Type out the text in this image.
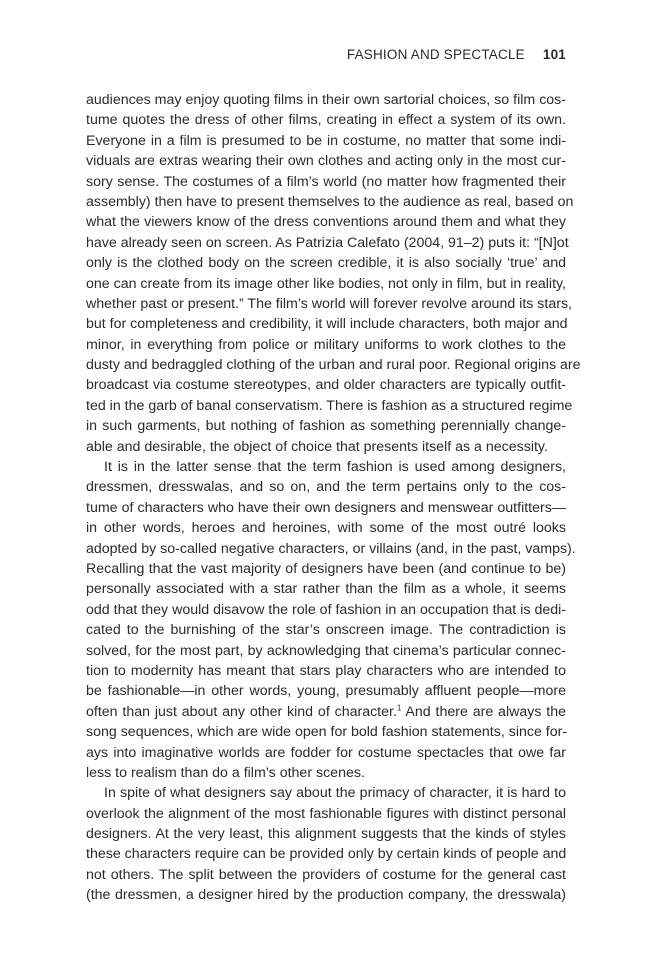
FASHION AND SPECTACLE 101
audiences may enjoy quoting films in their own sartorial choices, so film cos-
tume quotes the dress of other films, creating in effect a system of its own.
Everyone in a film is presumed to be in costume, no matter that some indi-
viduals are extras wearing their own clothes and acting only in the most cur-
sory sense. The costumes of a film’s world (no matter how fragmented their
assembly) then have to present themselves to the audience as real, based on
what the viewers know of the dress conventions around them and what they
have already seen on screen. As Patrizia Calefato (2004, 91–2) puts it: “[N]ot
only is the clothed body on the screen credible, it is also socially ‘true’ and
one can create from its image other like bodies, not only in film, but in reality,
whether past or present.” The film’s world will forever revolve around its stars,
but for completeness and credibility, it will include characters, both major and
minor, in everything from police or military uniforms to work clothes to the
dusty and bedraggled clothing of the urban and rural poor. Regional origins are
broadcast via costume stereotypes, and older characters are typically outfit-
ted in the garb of banal conservatism. There is fashion as a structured regime
in such garments, but nothing of fashion as something perennially change-
able and desirable, the object of choice that presents itself as a necessity.
It is in the latter sense that the term fashion is used among designers,
dressmen, dresswalas, and so on, and the term pertains only to the cos-
tume of characters who have their own designers and menswear outfitters—
in other words, heroes and heroines, with some of the most outré looks
adopted by so-called negative characters, or villains (and, in the past, vamps).
Recalling that the vast majority of designers have been (and continue to be)
personally associated with a star rather than the film as a whole, it seems
odd that they would disavow the role of fashion in an occupation that is dedi-
cated to the burnishing of the star’s onscreen image. The contradiction is
solved, for the most part, by acknowledging that cinema’s particular connec-
tion to modernity has meant that stars play characters who are intended to
be fashionable—in other words, young, presumably affluent people—more
often than just about any other kind of character.$^1$ And there are always the
song sequences, which are wide open for bold fashion statements, since for-
ays into imaginative worlds are fodder for costume spectacles that owe far
less to realism than do a film’s other scenes.
In spite of what designers say about the primacy of character, it is hard to
overlook the alignment of the most fashionable figures with distinct personal
designers. At the very least, this alignment suggests that the kinds of styles
these characters require can be provided only by certain kinds of people and
not others. The split between the providers of costume for the general cast
(the dressmen, a designer hired by the production company, the dresswala)
